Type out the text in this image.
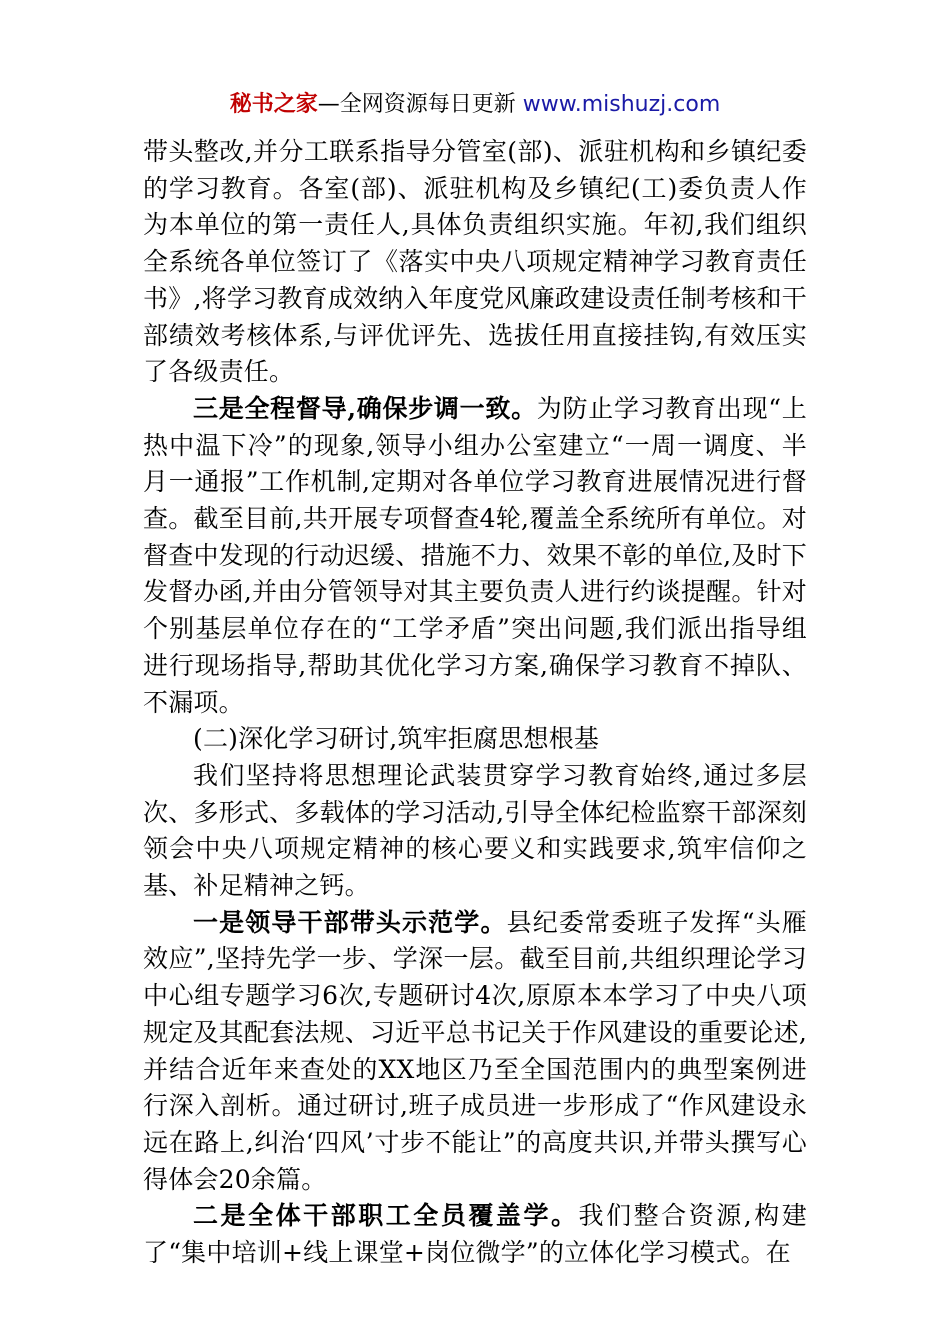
秘书之家—全网资源每日更新 www.mishuzj.com

带头整改,并分工联系指导分管室(部)、派驻机构和乡镇纪委的学习教育。各室(部)、派驻机构及乡镇纪(工)委负责人作为本单位的第一责任人,具体负责组织实施。年初,我们组织全系统各单位签订了《落实中央八项规定精神学习教育责任书》,将学习教育成效纳入年度党风廉政建设责任制考核和干部绩效考核体系,与评优评先、选拔任用直接挂钩,有效压实了各级责任。

三是全程督导,确保步调一致。为防止学习教育出现“上热中温下冷”的现象,领导小组办公室建立“一周一调度、半月一通报”工作机制,定期对各单位学习教育进展情况进行督查。截至目前,共开展专项督查4轮,覆盖全系统所有单位。对督查中发现的行动迟缓、措施不力、效果不彰的单位,及时下发督办函,并由分管领导对其主要负责人进行约谈提醒。针对个别基层单位存在的“工学矛盾”突出问题,我们派出指导组进行现场指导,帮助其优化学习方案,确保学习教育不掉队、不漏项。

(二)深化学习研讨,筑牢拒腐思想根基

我们坚持将思想理论武装贯穿学习教育始终,通过多层次、多形式、多载体的学习活动,引导全体纪检监察干部深刻领会中央八项规定精神的核心要义和实践要求,筑牢信仰之基、补足精神之钙。

一是领导干部带头示范学。县纪委常委班子发挥“头雁效应”,坚持先学一步、学深一层。截至目前,共组织理论学习中心组专题学习6次,专题研讨4次,原原本本学习了中央八项规定及其配套法规、习近平总书记关于作风建设的重要论述,并结合近年来查处的XX地区乃至全国范围内的典型案例进行深入剖析。通过研讨,班子成员进一步形成了“作风建设永远在路上,纠治‘四风’寸步不能让”的高度共识,并带头撰写心得体会20余篇。

二是全体干部职工全员覆盖学。我们整合资源,构建了“集中培训+线上课堂+岗位微学”的立体化学习模式。在
